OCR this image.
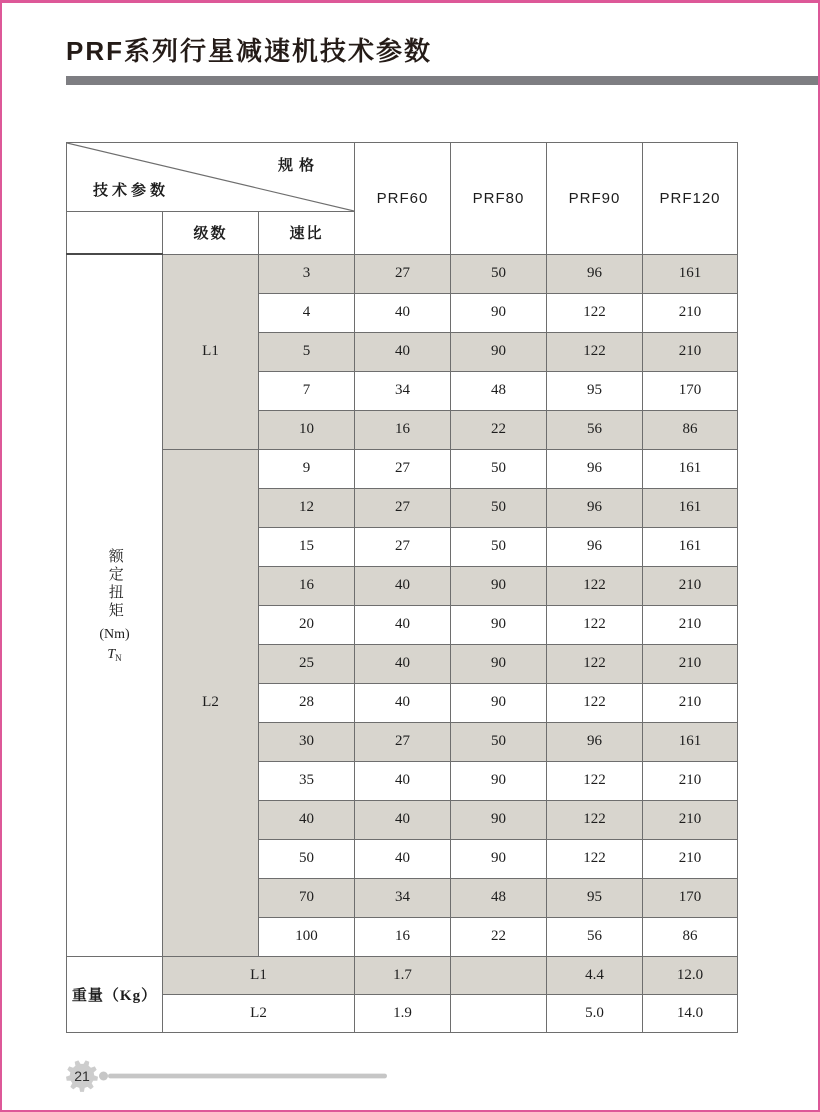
PRF系列行星减速机技术参数
规格
技术参数			PRF60	PRF80	PRF90	PRF120
	级数	速比				

额定扭矩
(Nm)
$T_N$	L1	3	27	50	96	161
		4	40	90	122	210
		5	40	90	122	210
		7	34	48	95	170
		10	16	22	56	86
	L2	9	27	50	96	161
		12	27	50	96	161
		15	27	50	96	161
		16	40	90	122	210
		20	40	90	122	210
		25	40	90	122	210
		28	40	90	122	210
		30	27	50	96	161
		35	40	90	122	210
		40	40	90	122	210
		50	40	90	122	210
		70	34	48	95	170
		100	16	22	56	86
重量（Kg）	L1		1.7		4.4	12.0
	L2		1.9		5.0	14.0
21
